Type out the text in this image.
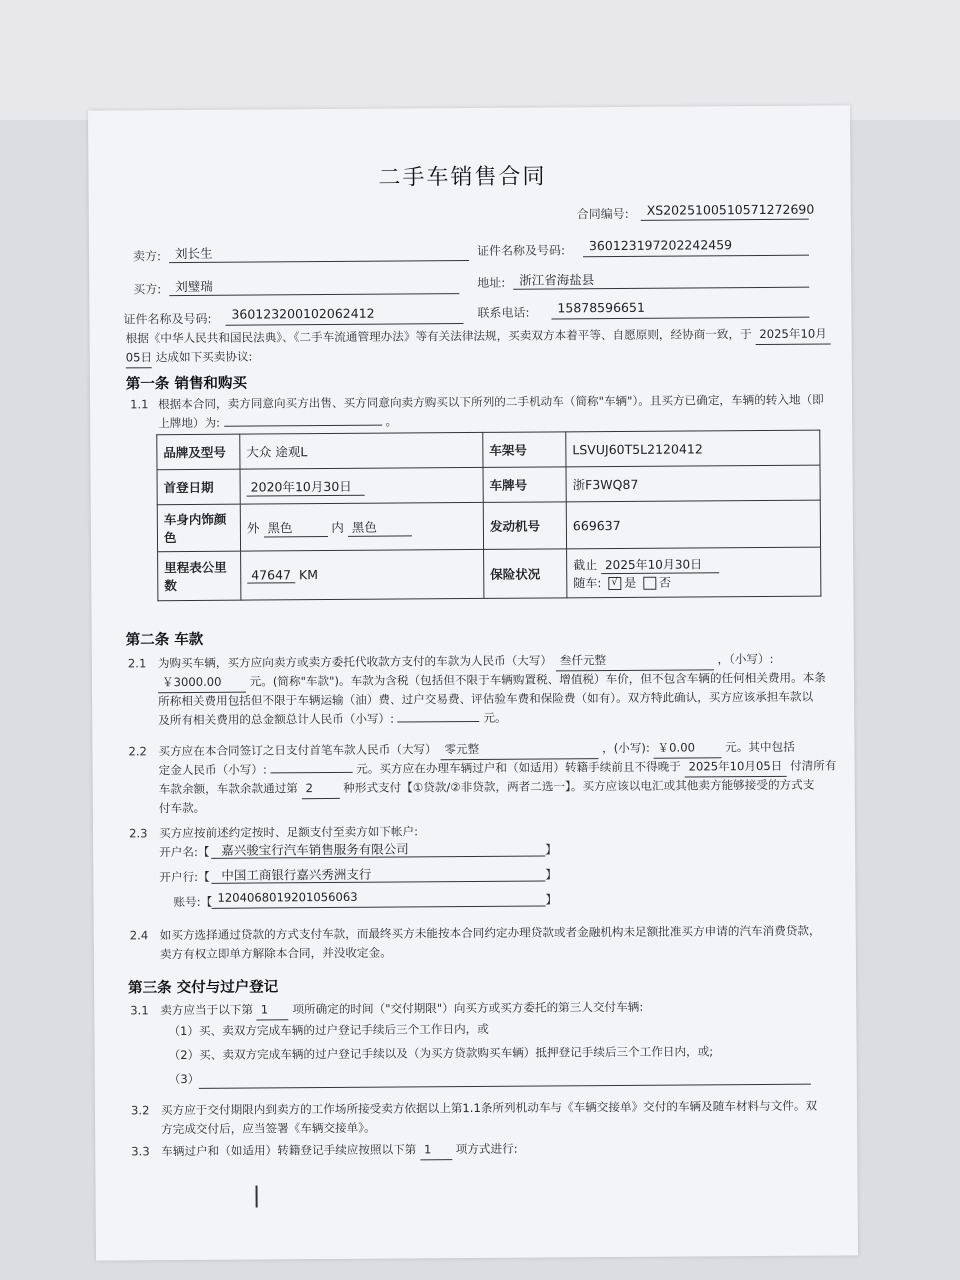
二手车销售合同
合同编号: XS202510051057127269​0
卖方: 刘长生	证件名称及号码: 360123197202242459
买方: 刘璧瑞	地址: 浙江省海盐县
证件名称及号码: 360123200102062412	联系电话: 15878596651
根据《中华人民共和国民法典》、《二手车流通管理办法》等有关法律法规，买卖双方本着平等、自愿原则，经协商一致，于 2025年10月
05日 达成如下买卖协议:
第一条 销售和购买
1.1 根据本合同，卖方同意向买方出售、买方同意向卖方购买以下所列的二手机动车（简称"车辆"）。且买方已确定，车辆的转入地（即
上牌地）为:	。
品牌及型号	大众 途观L	车架号	LSVUJ60T5L2120412
首登日期	2020年10月30日	车牌号	浙F3WQ87
车身内饰颜色	外 黑色 内 黑色	发动机号	669637
里程表公里数	47647 KM	保险状况	截止 2025年10月30日
随车: √ 是 否
第二条 车款
2.1 为购买车辆，买方应向卖方或卖方委托代收款方支付的车款为人民币（大写） 叁仟元整	，（小写）:
￥3000.00 元。(简称"车款")。车款为含税（包括但不限于车辆购置税、增值税）车价，但不包含车辆的任何相关费用。本条
所称相关费用包括但不限于车辆运输（油）费、过户交易费、评估验车费和保险费（如有）。双方特此确认，买方应该承担车款以
及所有相关费用的总金额总计人民币（小写）:	元。
2.2 买方应在本合同签订之日支付首笔车款人民币（大写） 零元整	，(小写): ￥0.00	元。其中包括
定金人民币（小写）:	元。买方应在办理车辆过户和（如适用）转籍手续前且不得晚于 2025年10月05日 付清所有
车款余额，车款余款通过第 2	种形式支付【①贷款/②非贷款，两者二选一】。买方应该以电汇或其他卖方能够接受的方式支
付车款。
2.3 买方应按前述约定按时、足额支付至卖方如下帐户:
开户名:【 嘉兴骏宝行汽车销售服务有限公司	】
开户行:【 中国工商银行嘉兴秀洲支行	】
账号:【 1204068019201056063	】
2.4 如买方选择通过贷款的方式支付车款，而最终买方未能按本合同约定办理贷款或者金融机构未足额批准买方申请的汽车消费贷款，
卖方有权立即单方解除本合同，并没收定金。
第三条 交付与过户登记
3.1 卖方应当于以下第 1 项所确定的时间（"交付期限"）向买方或买方委托的第三人交付车辆:
（1）买、卖双方完成车辆的过户登记手续后三个工作日内，或
（2）买、卖双方完成车辆的过户登记手续以及（为买方贷款购买车辆）抵押登记手续后三个工作日内，或;
（3）
3.2 买方应于交付期限内到卖方的工作场所接受卖方依据以上第1.1条所列机动车与《车辆交接单》交付的车辆及随车材料与文件。双
方完成交付后，应当签署《车辆交接单》。
3.3 车辆过户和（如适用）转籍登记手续应按照以下第 1 项方式进行:
